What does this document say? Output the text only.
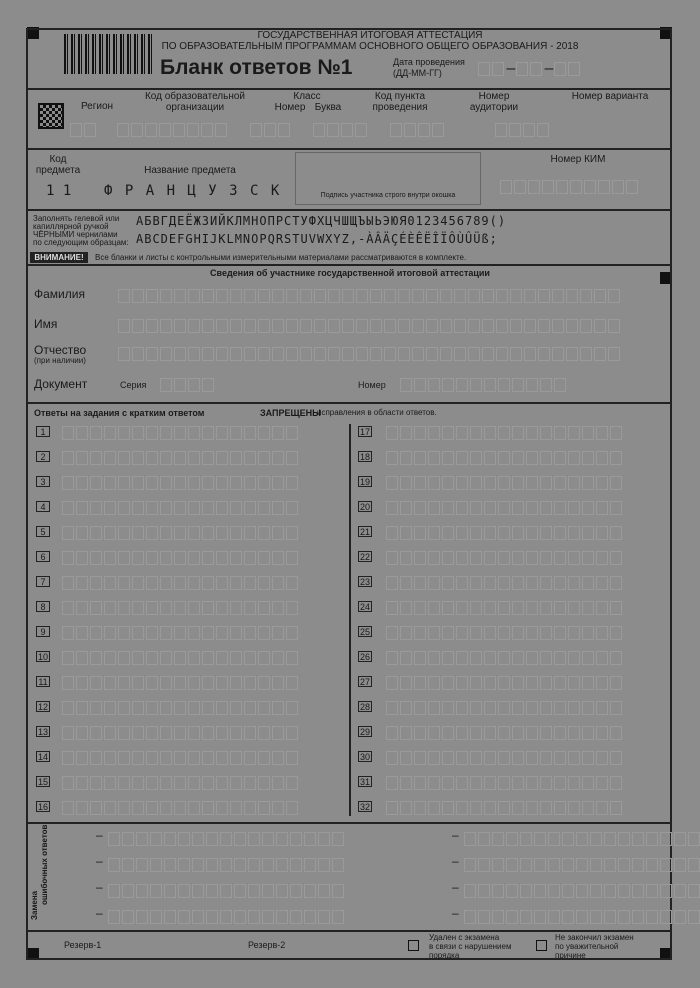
ГОСУДАРСТВЕННАЯ ИТОГОВАЯ АТТЕСТАЦИЯ
ПО ОБРАЗОВАТЕЛЬНЫМ ПРОГРАММАМ ОСНОВНОГО ОБЩЕГО ОБРАЗОВАНИЯ - 2018
Бланк ответов №1	Дата проведения
(ДД-ММ-ГГ)	– –
Регион
Код образовательной
организации
Класс
Номер Буква
Код пункта
проведения
Номер
аудитории
Номер варианта

Код
предмета	Название предмета
1 1 Ф Р А Н Ц У З С К	Подпись участника строго внутри окошка
Номер КИМ
Заполнять гелевой или
капиллярной ручкой
ЧЁРНЫМИ чернилами
по следующим образцам:
АБВГДЕЁЖЗИЙКЛМНОПРСТУФХЦЧШЩЪЫЬЭЮЯ0123456789()
ABCDEFGHIJKLMNOPQRSTUVWXYZ,-ÀÂÄÇÉÈÊËÎÏÔÙÛÜß;
ВНИМАНИЕ!	Все бланки и листы с контрольными измерительными материалами рассматриваются в комплекте.
Сведения об участнике государственной итоговой аттестации
Фамилия
Имя
Отчество
(при наличии)
Документ	Серия	Номер
Ответы на задания с кратким ответом	ЗАПРЕЩЕНЫ
исправления в области ответов.
1
2
3
4
5
6
7
8
9
10
11
12
13
14
15
16
17
18
19
20
21
22
23
24
25
26
27
28
29
30
31
32
Замена
ошибочных ответов	–	–
–	–
–	–
–	–
Резерв-1	Резерв-2
Удален с экзамена
в связи с нарушением
порядка
Не закончил экзамен
по уважительной
причине
